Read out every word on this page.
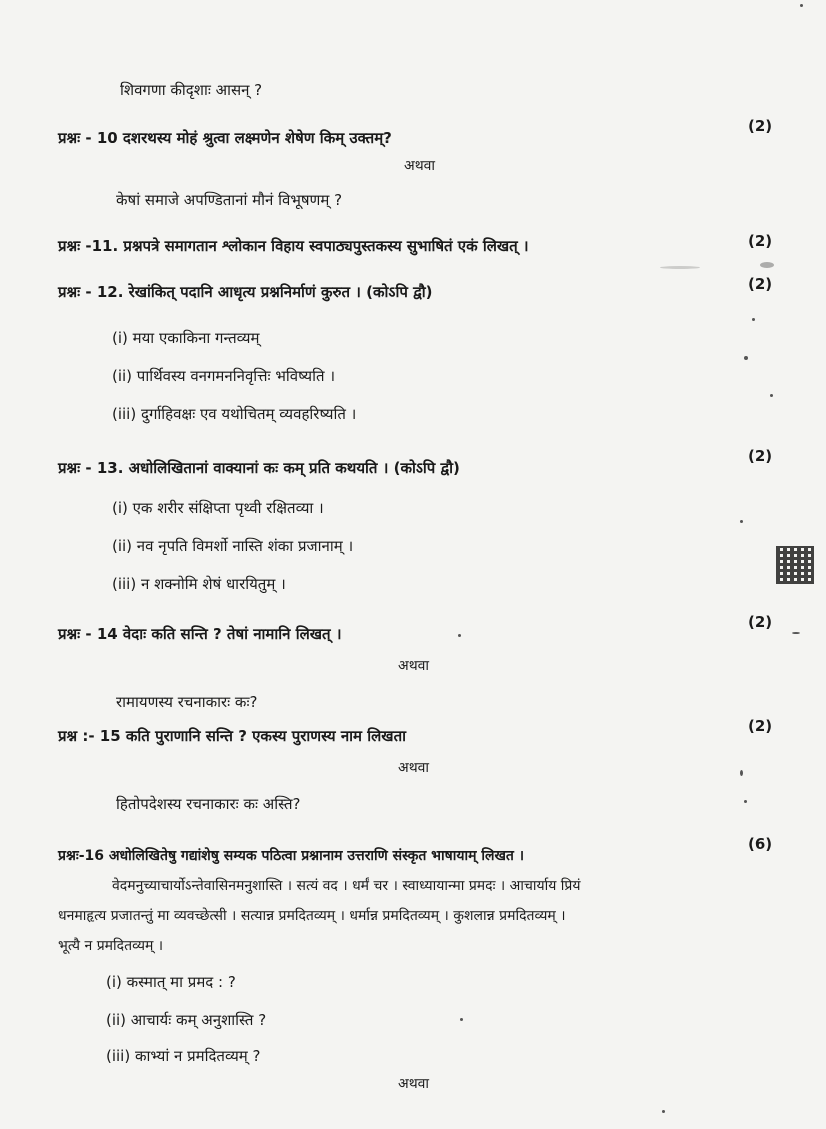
शिवगणा कीदृशाः आसन् ?
प्रश्नः - 10 दशरथस्य मोहं श्रुत्वा लक्ष्मणेन शेषेण किम् उक्तम्?
(2)
अथवा
केषां समाजे अपण्डितानां मौनं विभूषणम् ?
प्रश्नः -11. प्रश्नपत्रे समागतान श्लोकान विहाय स्वपाठ्यपुस्तकस्य सुभाषितं एकं लिखत् ।	(2)
प्रश्नः - 12. रेखांकित् पदानि आधृत्य प्रश्ननिर्माणं कुरुत । (कोऽपि द्वौ)	(2)
(i) मया एकाकिना गन्तव्यम्
(ii) पार्थिवस्य वनगमननिवृत्तिः भविष्यति ।
(iii) दुर्गाहिवक्षः एव यथोचितम् व्यवहरिष्यति ।
प्रश्नः - 13. अधोलिखितानां वाक्यानां कः कम् प्रति कथयति । (कोऽपि द्वौ)
(2)
(i) एक शरीर संक्षिप्ता पृथ्वी रक्षितव्या ।
(ii) नव नृपति विमर्शो नास्ति शंका प्रजानाम् ।
(iii) न शक्नोमि शेषं धारयितुम् ।
प्रश्नः - 14 वेदाः कति सन्ति ? तेषां नामानि लिखत् ।
(2)
अथवा
रामायणस्य रचनाकारः कः?
प्रश्न :- 15 कति पुराणानि सन्ति ? एकस्य पुराणस्य नाम लिखता
(2)
अथवा
हितोपदेशस्य रचनाकारः कः अस्ति?
प्रश्नः-16 अधोलिखितेषु गद्यांशेषु सम्यक पठित्वा प्रश्नानाम उत्तराणि संस्कृत भाषायाम् लिखत ।
(6)
वेदमनुच्याचार्योऽन्तेवासिनमनुशास्ति । सत्यं वद । धर्मं चर । स्वाध्यायान्मा प्रमदः । आचार्याय प्रियं
धनमाहृत्य प्रजातन्तुं मा व्यवच्छेत्सी । सत्यान्न प्रमदितव्यम् । धर्मान्न प्रमदितव्यम् । कुशलान्न प्रमदितव्यम् ।
भूत्यै न प्रमदितव्यम् ।
(i) कस्मात् मा प्रमद : ?
(ii) आचार्यः कम् अनुशास्ति ?
(iii) काभ्यां न प्रमदितव्यम् ?
अथवा
